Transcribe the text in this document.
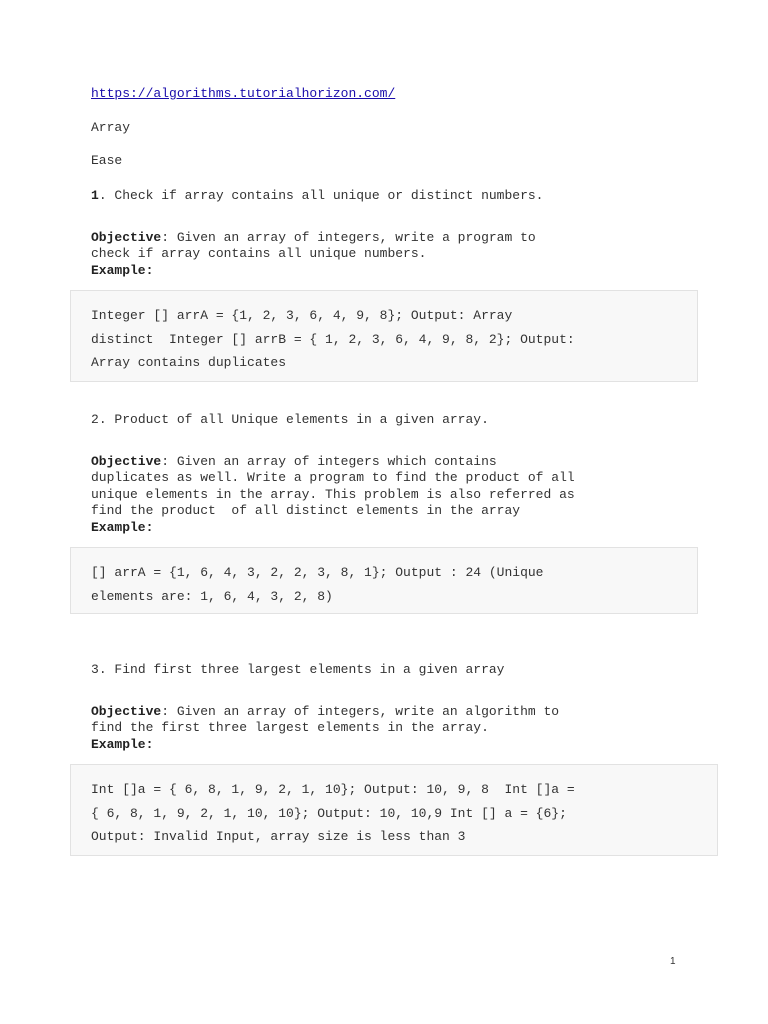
https://algorithms.tutorialhorizon.com/
Array
Ease
1. Check if array contains all unique or distinct numbers.

Objective: Given an array of integers, write a program to
check if array contains all unique numbers.
Example:
Integer [] arrA = {1, 2, 3, 6, 4, 9, 8}; Output: Array
distinct  Integer [] arrB = { 1, 2, 3, 6, 4, 9, 8, 2}; Output:
Array contains duplicates
2. Product of all Unique elements in a given array.

Objective: Given an array of integers which contains
duplicates as well. Write a program to find the product of all
unique elements in the array. This problem is also referred as
find the product  of all distinct elements in the array
Example:
[] arrA = {1, 6, 4, 3, 2, 2, 3, 8, 1}; Output : 24 (Unique
elements are: 1, 6, 4, 3, 2, 8)
3. Find first three largest elements in a given array

Objective: Given an array of integers, write an algorithm to
find the first three largest elements in the array.
Example:
Int []a = { 6, 8, 1, 9, 2, 1, 10}; Output: 10, 9, 8  Int []a =
{ 6, 8, 1, 9, 2, 1, 10, 10}; Output: 10, 10,9 Int [] a = {6};
Output: Invalid Input, array size is less than 3
1
